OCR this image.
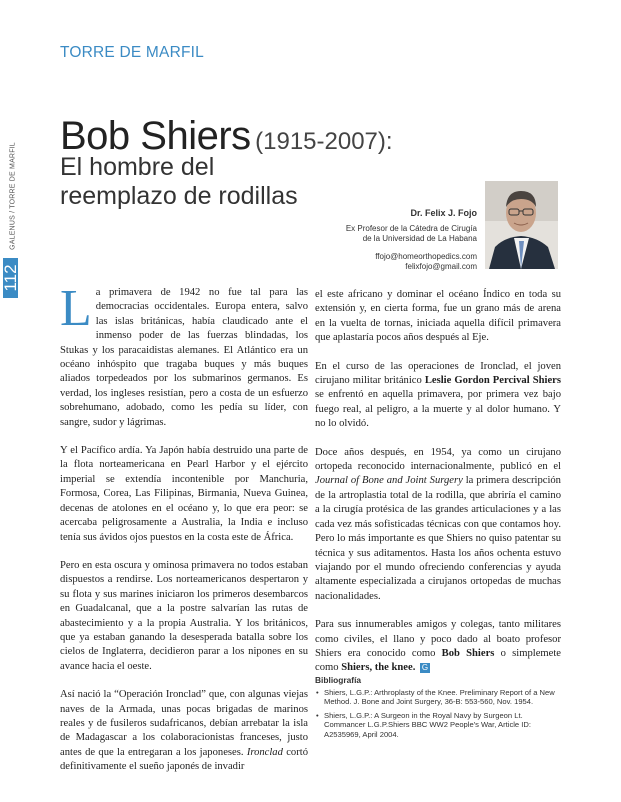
TORRE DE MARFIL
GALENUS / TORRE DE MARFIL
112
Bob Shiers (1915-2007):
El hombre del
reemplazo de rodillas
Dr. Felix J. Fojo
Ex Profesor de la Cátedra de Cirugía
de la Universidad de La Habana
ffojo@homeorthopedics.com
felixfojo@gmail.com

La primavera de 1942 no fue tal para las democracias occidentales. Europa entera, salvo las islas británicas, había claudicado ante el inmenso poder de las fuerzas blindadas, los Stukas y los paracaidistas alemanes. El Atlántico era un océano inhóspito que tragaba buques y más buques aliados torpedeados por los submarinos germanos. Es verdad, los ingleses resistían, pero a costa de un esfuerzo sobrehumano, adobado, como les pedía su líder, con sangre, sudor y lágrimas.

Y el Pacífico ardía. Ya Japón había destruido una parte de la flota norteamericana en Pearl Harbor y el ejército imperial se extendía incontenible por Manchuria, Formosa, Corea, Las Filipinas, Birmania, Nueva Guinea, decenas de atolones en el océano y, lo que era peor: se acercaba peligrosamente a Australia, la India e incluso tenía sus ávidos ojos puestos en la costa este de África.

Pero en esta oscura y ominosa primavera no todos estaban dispuestos a rendirse. Los norteamericanos despertaron y su flota y sus marines iniciaron los primeros desembarcos en Guadalcanal, que a la postre salvarían las rutas de abastecimiento y a la propia Australia. Y los británicos, que ya estaban ganando la desesperada batalla sobre los cielos de Inglaterra, decidieron parar a los nipones en su avance hacia el oeste.

Así nació la “Operación Ironclad” que, con algunas viejas naves de la Armada, unas pocas brigadas de marinos reales y de fusileros sudafricanos, debían arrebatar la isla de Madagascar a los colaboracionistas franceses, justo antes de que la entregaran a los japoneses. Ironclad cortó definitivamente el sueño japonés de invadir

el este africano y dominar el océano Índico en toda su extensión y, en cierta forma, fue un grano más de arena en la vuelta de tornas, iniciada aquella difícil primavera que aplastaría pocos años después al Eje.

En el curso de las operaciones de Ironclad, el joven cirujano militar británico Leslie Gordon Percival Shiers se enfrentó en aquella primavera, por primera vez bajo fuego real, al peligro, a la muerte y al dolor humano. Y no lo olvidó.

Doce años después, en 1954, ya como un cirujano ortopeda reconocido internacionalmente, publicó en el Journal of Bone and Joint Surgery la primera descripción de la artroplastia total de la rodilla, que abriría el camino a la cirugía protésica de las grandes articulaciones y a las cada vez más sofisticadas técnicas con que contamos hoy. Pero lo más importante es que Shiers no quiso patentar su técnica y sus aditamentos. Hasta los años ochenta estuvo viajando por el mundo ofreciendo conferencias y ayuda altamente especializada a cirujanos ortopedas de muchas nacionalidades.

Para sus innumerables amigos y colegas, tanto militares como civiles, el llano y poco dado al boato profesor Shiers era conocido como Bob Shiers o simplemete como Shiers, the knee. G

Bibliografía
• Shiers, L.G.P.: Arthroplasty of the Knee. Preliminary Report of a New Method. J. Bone and Joint Surgery, 36-B: 553-560, Nov. 1954.
• Shiers, L.G.P.: A Surgeon in the Royal Navy by Surgeon Lt. Commancer L.G.P.Shiers BBC WW2 People's War, Article ID: A2535969, April 2004.
